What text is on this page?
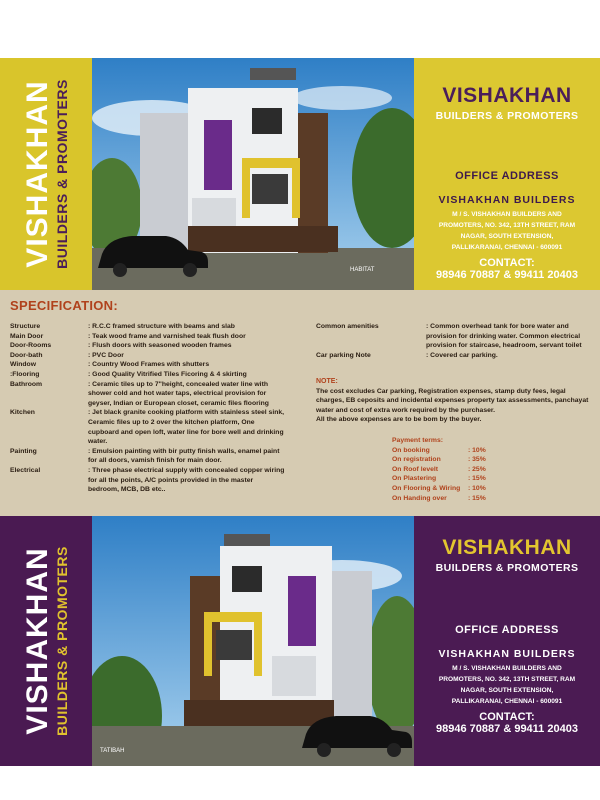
VISHAKHAN BUILDERS & PROMOTERS
HABITAT
VISHAKHAN
BUILDERS & PROMOTERS
OFFICE ADDRESS
VISHAKHAN BUILDERS
M / S. VISHAKHAN BUILDERS AND
PROMOTERS, NO. 342, 13TH STREET, RAM
NAGAR, SOUTH EXTENSION,
PALLIKARANAI, CHENNAI - 600091
CONTACT:
98946 70887 & 99411 20403
SPECIFICATION:
Structure	: R.C.C framed structure with beams and slab
Main Door	: Teak wood frame and varnished teak flush door
Door-Rooms	: Flush doors with seasoned wooden frames
Door-bath	: PVC Door
Window	: Country Wood Frames with shutters
:Flooring	: Good Quality Vitrified Tiles Ficoring & 4 skirting
Bathroom	: Ceramic tiles up to 7"height, concealed water line with
shower cold and hot water taps, electrical provision for
geyser, Indian or European closet, ceramic files flooring
Kitchen	: Jet black granite cooking platform with stainless steel sink,
Ceramic files up to 2 over the kitchen platform, One
cupboard and open loft, water line for bore well and drinking
water.
Painting	: Emulsion painting with bir putty finish walls, enamel paint
for all doors, vamish finish for main door.
Electrical	: Three phase electrical supply with concealed copper wiring
for all the points, A/C points provided in the master
bedroom, MCB, DB etc..
Common amenities	: Common overhead tank for bore water and
provision for drinking water. Common electrical
provision for staircase, headroom, servant toilet
Car parking Note	: Covered car parking.
NOTE:
The cost excludes Car parking, Registration expenses, stamp duty fees, legal
charges, EB ceposits and incidental expenses property tax assessments, panchayat
water and cost of extra work required by the purchaser.
All the above expenses are to be bom by the buyer.
Payment terms:
On booking	: 10%
On registration	: 35%
On Roof levelt	: 25%
On Plastering	: 15%
On Flooring & Wiring	: 10%
On Handing over	: 15%
VISHAKHAN BUILDERS & PROMOTERS
TATIBAH
VISHAKHAN
BUILDERS & PROMOTERS
OFFICE ADDRESS
VISHAKHAN BUILDERS
M / S. VISHAKHAN BUILDERS AND
PROMOTERS, NO. 342, 13TH STREET, RAM
NAGAR, SOUTH EXTENSION,
PALLIKARANAI, CHENNAI - 600091
CONTACT:
98946 70887 & 99411 20403
